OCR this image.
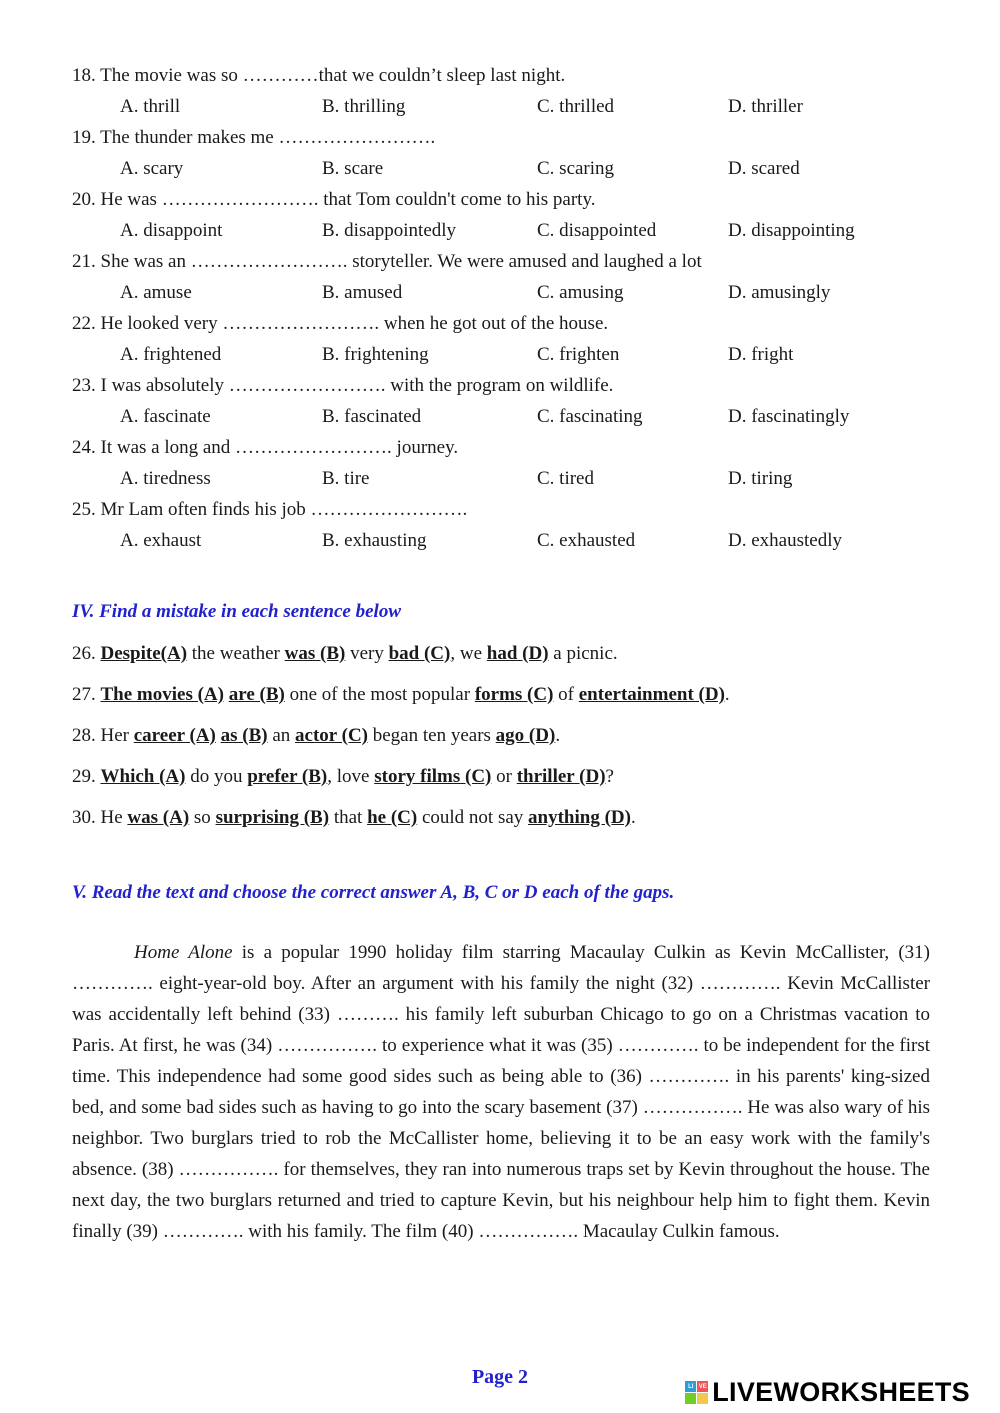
18. The movie was so …………that we couldn’t sleep last night.
A. thrill	B. thrilling	C. thrilled	D. thriller
19. The thunder makes me …………………….
A. scary	B. scare	C. scaring	D. scared
20. He was ……………………. that Tom couldn't come to his party.
A. disappoint	B. disappointedly	C. disappointed	D. disappointing
21. She was an ……………………. storyteller. We were amused and laughed a lot
A. amuse	B. amused	C. amusing	D. amusingly
22. He looked very ……………………. when he got out of the house.
A. frightened	B. frightening	C. frighten	D. fright
23. I was absolutely ……………………. with the program on wildlife.
A. fascinate	B. fascinated	C. fascinating	D. fascinatingly
24. It was a long and ……………………. journey.
A. tiredness	B. tire	C. tired	D. tiring
25. Mr Lam often finds his job …………………….
A. exhaust	B. exhausting	C. exhausted	D. exhaustedly
IV. Find a mistake in each sentence below
26. Despite(A) the weather was (B) very bad (C), we had (D) a picnic.
27. The movies (A) are (B) one of the most popular forms (C) of entertainment (D).
28. Her career (A) as (B) an actor (C) began ten years ago (D).
29. Which (A) do you prefer (B), love story films (C) or thriller (D)?
30. He was (A) so surprising (B) that he (C) could not say anything (D).
V. Read the text and choose the correct answer A, B, C or D each of the gaps.

Home Alone is a popular 1990 holiday film starring Macaulay Culkin as Kevin McCallister, (31) …………. eight-year-old boy. After an argument with his family the night (32) …………. Kevin McCallister was accidentally left behind (33) ………. his family left suburban Chicago to go on a Christmas vacation to Paris. At first, he was (34) ……………. to experience what it was (35) …………. to be independent for the first time. This independence had some good sides such as being able to (36) …………. in his parents' king-sized bed, and some bad sides such as having to go into the scary basement (37) ……………. He was also wary of his neighbor. Two burglars tried to rob the McCallister home, believing it to be an easy work with the family's absence. (38) ……………. for themselves, they ran into numerous traps set by Kevin throughout the house. The next day, the two burglars returned and tried to capture Kevin, but his neighbour help him to fight them. Kevin finally (39) …………. with his family. The film (40) ……………. Macaulay Culkin famous.

Page 2	LI VE LIVEWORKSHEETS
